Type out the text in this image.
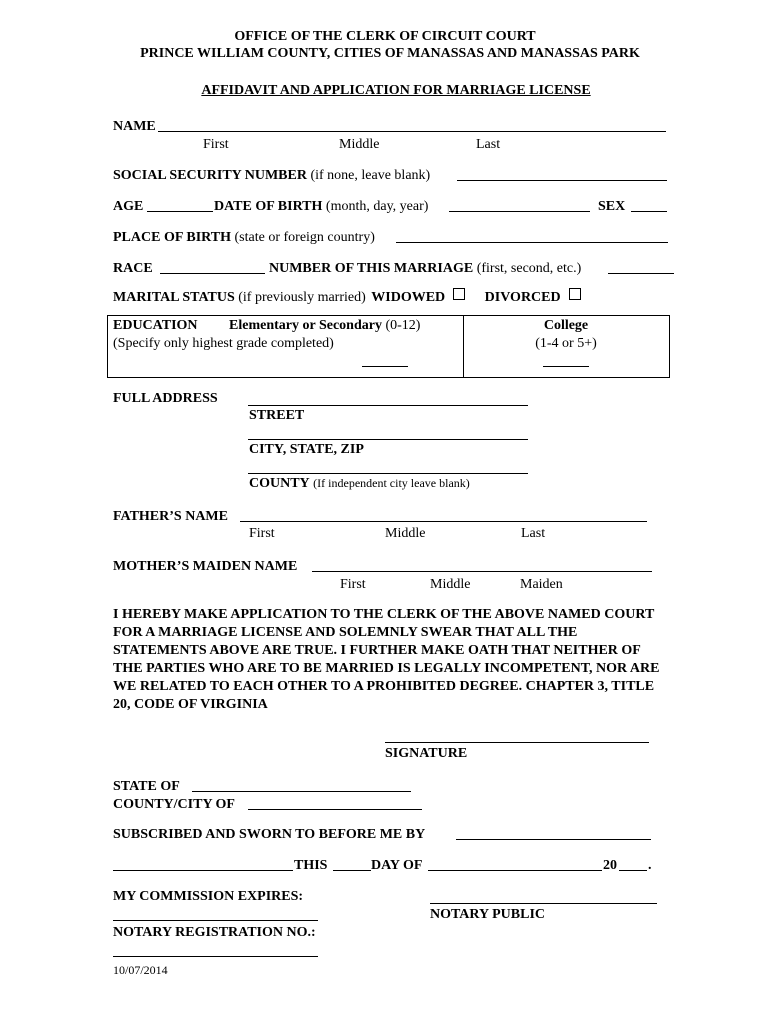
OFFICE OF THE CLERK OF CIRCUIT COURT
PRINCE WILLIAM COUNTY, CITIES OF MANASSAS AND MANASSAS PARK
AFFIDAVIT AND APPLICATION FOR MARRIAGE LICENSE
NAME
First	Middle	Last
SOCIAL SECURITY NUMBER (if none, leave blank)
AGE	DATE OF BIRTH (month, day, year)	SEX
PLACE OF BIRTH (state or foreign country)
RACE	NUMBER OF THIS MARRIAGE (first, second, etc.)
MARITAL STATUS (if previously married) WIDOWED	DIVORCED
EDUCATION Elementary or Secondary (0-12)
(Specify only highest grade completed)
College
(1-4 or 5+)
FULL ADDRESS
STREET
CITY, STATE, ZIP
COUNTY (If independent city leave blank)
FATHER’S NAME
First	Middle	Last
MOTHER’S MAIDEN NAME
First	Middle	Maiden
I HEREBY MAKE APPLICATION TO THE CLERK OF THE ABOVE NAMED COURT FOR A MARRIAGE LICENSE AND SOLEMNLY SWEAR THAT ALL THE STATEMENTS ABOVE ARE TRUE. I FURTHER MAKE OATH THAT NEITHER OF THE PARTIES WHO ARE TO BE MARRIED IS LEGALLY INCOMPETENT, NOR ARE WE RELATED TO EACH OTHER TO A PROHIBITED DEGREE. CHAPTER 3, TITLE 20, CODE OF VIRGINIA
SIGNATURE
STATE OF
COUNTY/CITY OF
SUBSCRIBED AND SWORN TO BEFORE ME BY
THIS	DAY OF	20 .
MY COMMISSION EXPIRES:
NOTARY PUBLIC
NOTARY REGISTRATION NO.:
10/07/2014
